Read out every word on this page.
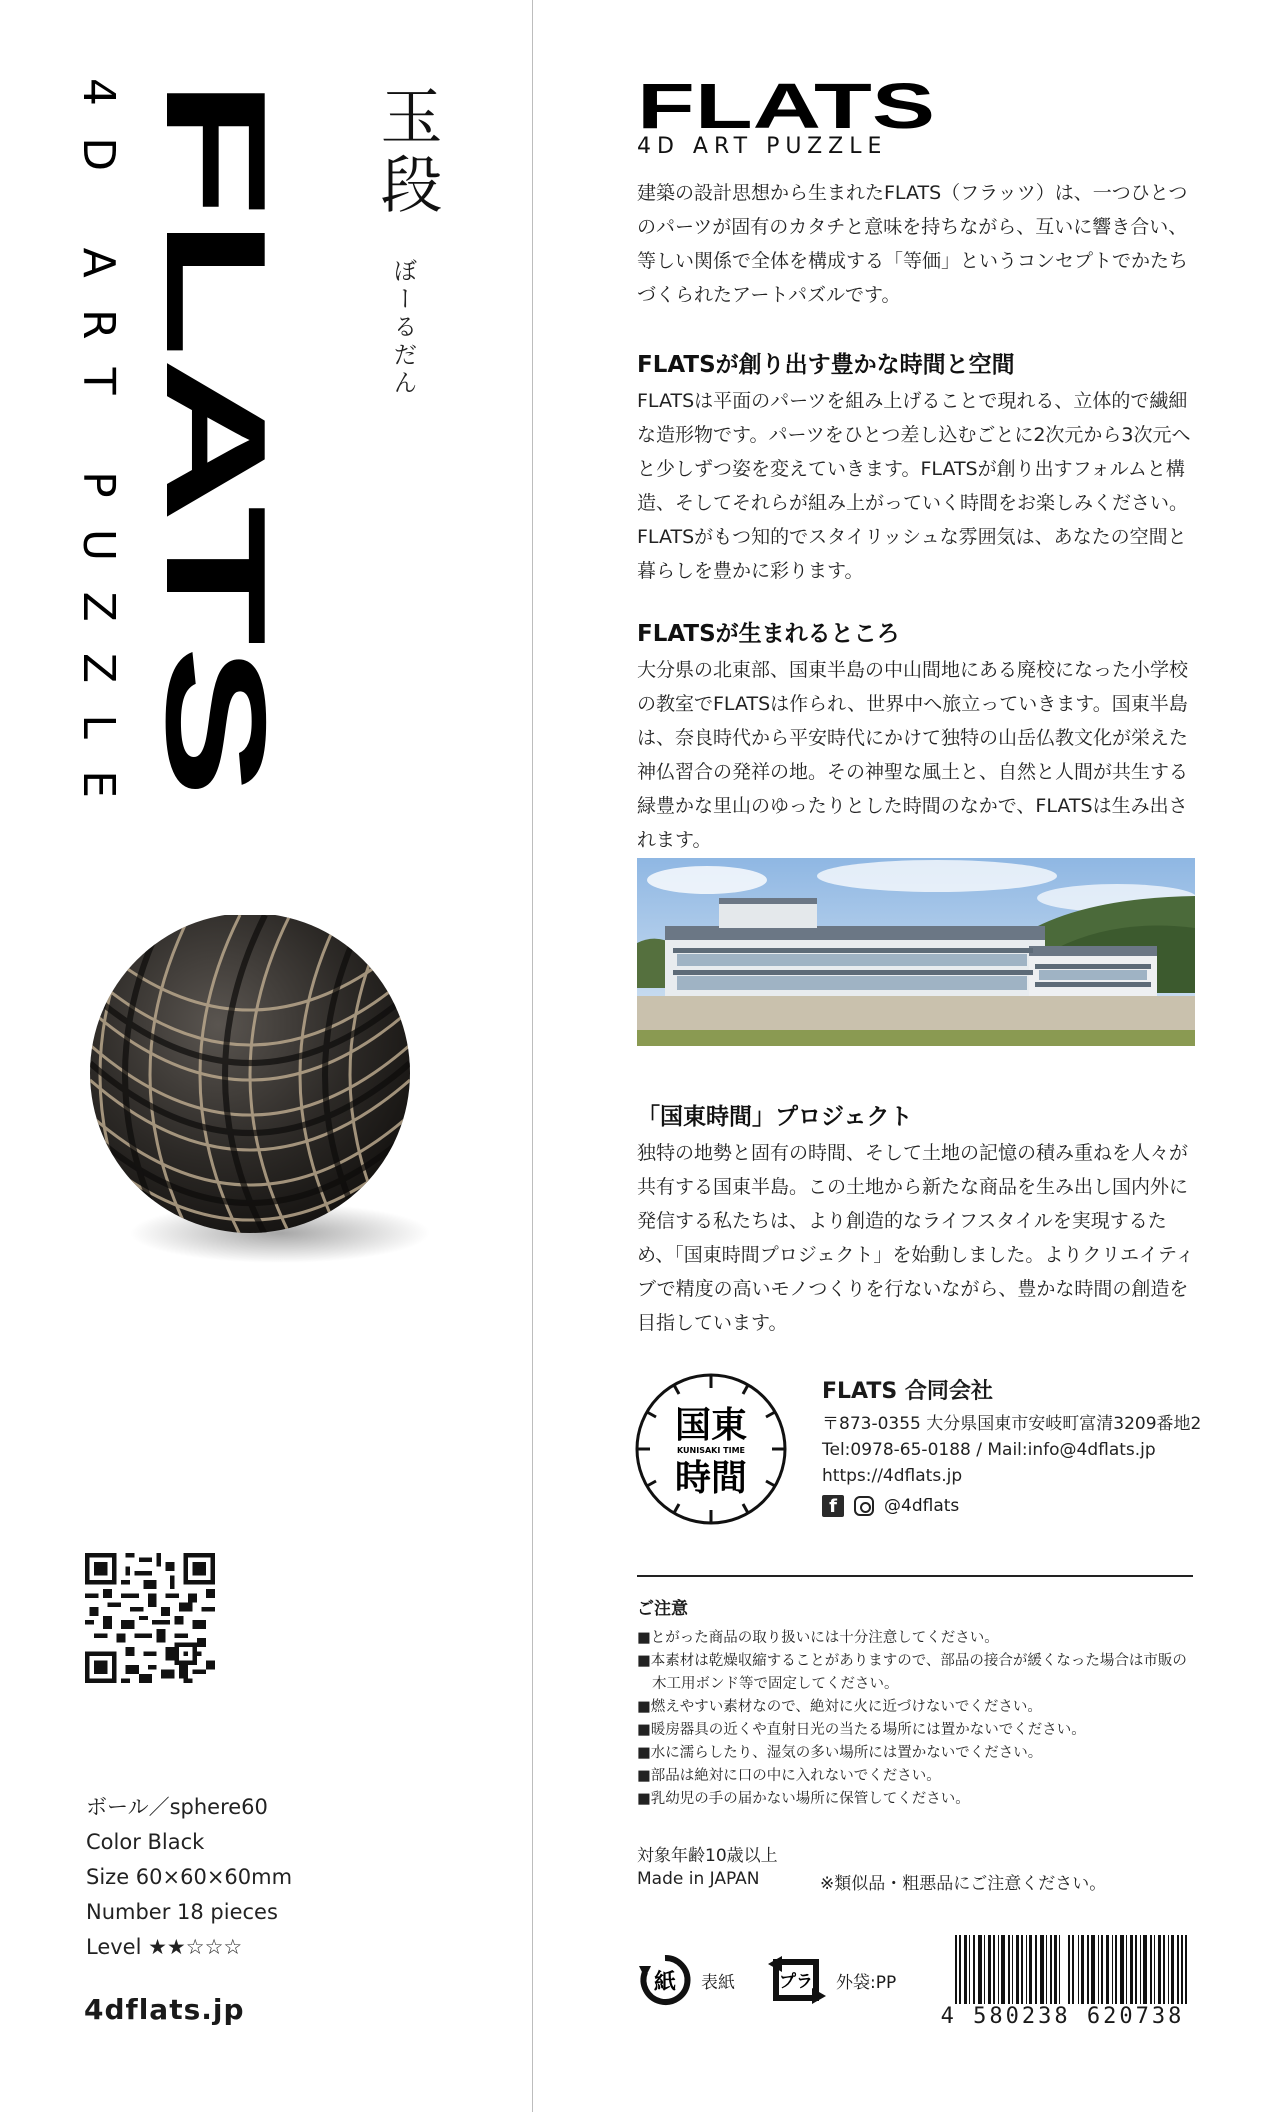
FLATS
4D ART PUZZLE
玉段
ぼーるだん
ボール／sphere60
Color Black
Size 60×60×60mm
Number 18 pieces
Level ★★☆☆☆
4dflats.jp
FLATS
4D ART PUZZLE
建築の設計思想から生まれたFLATS（フラッツ）は、一つひとつのパーツが固有のカタチと意味を持ちながら、互いに響き合い、等しい関係で全体を構成する「等価」というコンセプトでかたちづくられたアートパズルです。
FLATSが創り出す豊かな時間と空間
FLATSは平面のパーツを組み上げることで現れる、立体的で繊細な造形物です。パーツをひとつ差し込むごとに2次元から3次元へと少しずつ姿を変えていきます。FLATSが創り出すフォルムと構造、そしてそれらが組み上がっていく時間をお楽しみください。FLATSがもつ知的でスタイリッシュな雰囲気は、あなたの空間と暮らしを豊かに彩ります。
FLATSが生まれるところ
大分県の北東部、国東半島の中山間地にある廃校になった小学校の教室でFLATSは作られ、世界中へ旅立っていきます。国東半島は、奈良時代から平安時代にかけて独特の山岳仏教文化が栄えた神仏習合の発祥の地。その神聖な風土と、自然と人間が共生する緑豊かな里山のゆったりとした時間のなかで、FLATSは生み出されます。
「国東時間」プロジェクト
独特の地勢と固有の時間、そして土地の記憶の積み重ねを人々が共有する国東半島。この土地から新たな商品を生み出し国内外に発信する私たちは、より創造的なライフスタイルを実現するため、「国東時間プロジェクト」を始動しました。よりクリエイティブで精度の高いモノつくりを行ないながら、豊かな時間の創造を目指しています。
国東
KUNISAKI TIME
時間
FLATS 合同会社
〒873-0355 大分県国東市安岐町富清3209番地2
Tel:0978-65-0188 / Mail:info@4dflats.jp
https://4dflats.jp
f	@4dflats
ご注意
■とがった商品の取り扱いには十分注意してください。
■本素材は乾燥収縮することがありますので、部品の接合が緩くなった場合は市販の木工用ボンド等で固定してください。
■燃えやすい素材なので、絶対に火に近づけないでください。
■暖房器具の近くや直射日光の当たる場所には置かないでください。
■水に濡らしたり、湿気の多い場所には置かないでください。
■部品は絶対に口の中に入れないでください。
■乳幼児の手の届かない場所に保管してください。
対象年齢10歳以上
Made in JAPAN	※類似品・粗悪品にご注意ください。
紙 表紙	プラ 外袋:PP
4 580238 620738
